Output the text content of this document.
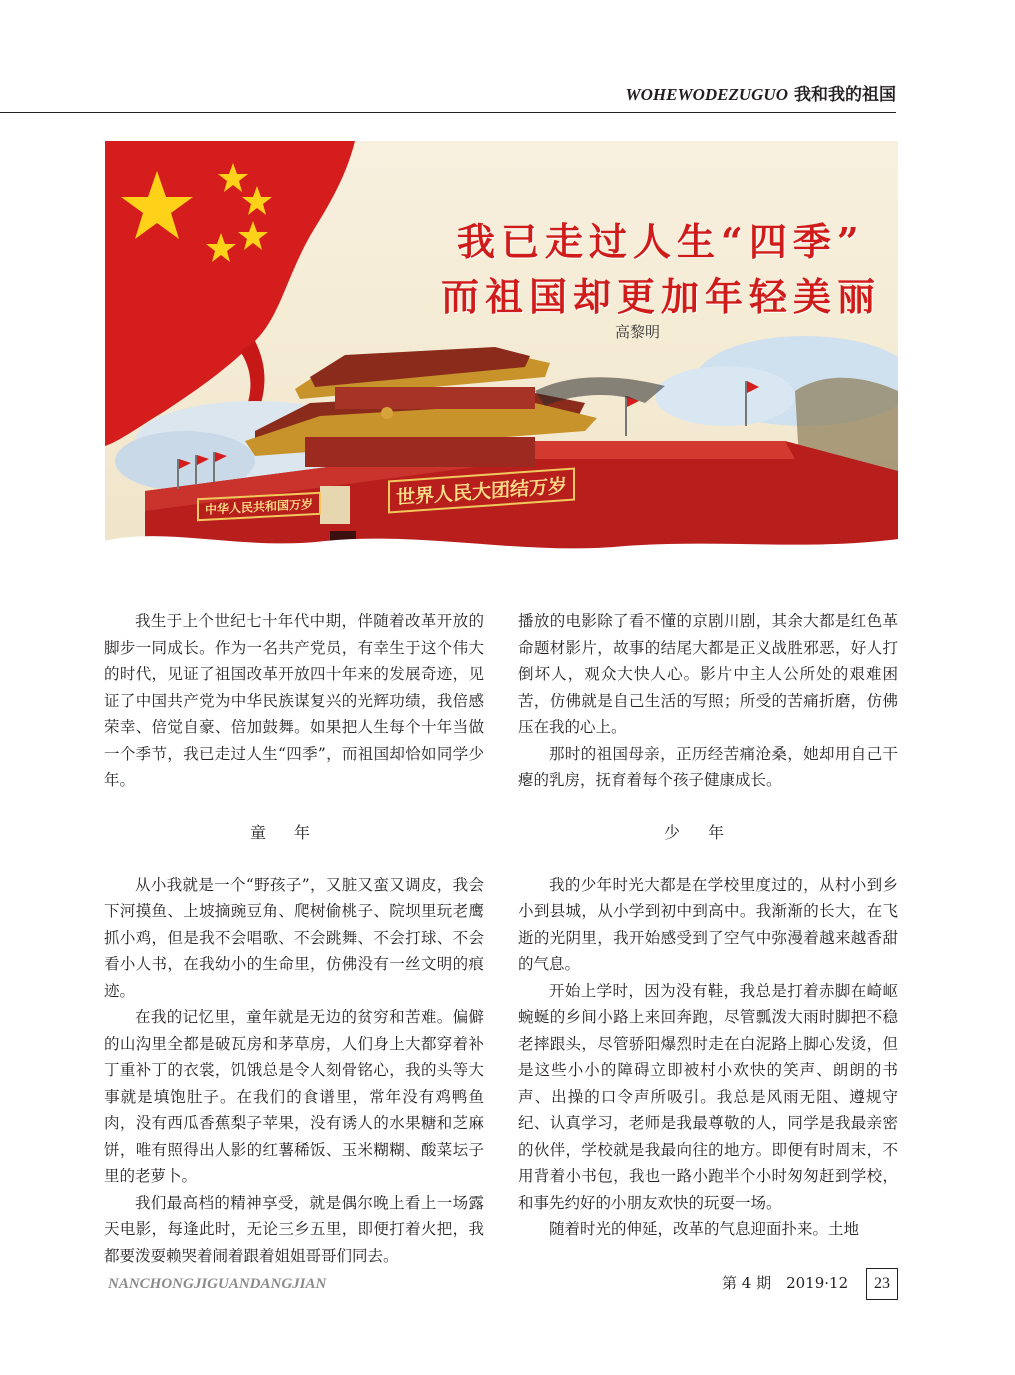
WOHEWODEZUGUO 我和我的祖国
我已走过人生“四季”
而祖国却更加年轻美丽
高黎明
中华人民共和国万岁	世界人民大团结万岁

我生于上个世纪七十年代中期，伴随着改革开放的脚步一同成长。作为一名共产党员，有幸生于这个伟大的时代，见证了祖国改革开放四十年来的发展奇迹，见证了中国共产党为中华民族谋复兴的光辉功绩，我倍感荣幸、倍觉自豪、倍加鼓舞。如果把人生每个十年当做一个季节，我已走过人生“四季”，而祖国却恰如同学少年。

童年

从小我就是一个“野孩子”，又脏又蛮又调皮，我会下河摸鱼、上坡摘豌豆角、爬树偷桃子、院坝里玩老鹰抓小鸡，但是我不会唱歌、不会跳舞、不会打球、不会看小人书，在我幼小的生命里，仿佛没有一丝文明的痕迹。

在我的记忆里，童年就是无边的贫穷和苦难。偏僻的山沟里全都是破瓦房和茅草房，人们身上大都穿着补丁重补丁的衣裳，饥饿总是令人刻骨铭心，我的头等大事就是填饱肚子。在我们的食谱里，常年没有鸡鸭鱼肉，没有西瓜香蕉梨子苹果，没有诱人的水果糖和芝麻饼，唯有照得出人影的红薯稀饭、玉米糊糊、酸菜坛子里的老萝卜。

我们最高档的精神享受，就是偶尔晚上看上一场露天电影，每逢此时，无论三乡五里，即便打着火把，我都要泼耍赖哭着闹着跟着姐姐哥哥们同去。

播放的电影除了看不懂的京剧川剧，其余大都是红色革命题材影片，故事的结尾大都是正义战胜邪恶，好人打倒坏人，观众大快人心。影片中主人公所处的艰难困苦，仿佛就是自己生活的写照；所受的苦痛折磨，仿佛压在我的心上。

那时的祖国母亲，正历经苦痛沧桑，她却用自己干瘪的乳房，抚育着每个孩子健康成长。

少年

我的少年时光大都是在学校里度过的，从村小到乡小到县城，从小学到初中到高中。我渐渐的长大，在飞逝的光阴里，我开始感受到了空气中弥漫着越来越香甜的气息。

开始上学时，因为没有鞋，我总是打着赤脚在崎岖蜿蜒的乡间小路上来回奔跑，尽管瓢泼大雨时脚把不稳老摔跟头，尽管骄阳爆烈时走在白泥路上脚心发烫，但是这些小小的障碍立即被村小欢快的笑声、朗朗的书声、出操的口令声所吸引。我总是风雨无阻、遵规守纪、认真学习，老师是我最尊敬的人，同学是我最亲密的伙伴，学校就是我最向往的地方。即便有时周末，不用背着小书包，我也一路小跑半个小时匆匆赶到学校，和事先约好的小朋友欢快的玩耍一场。

随着时光的伸延，改革的气息迎面扑来。土地

NANCHONGJIGUANDANGJIAN	第 4 期　2019·12	23
